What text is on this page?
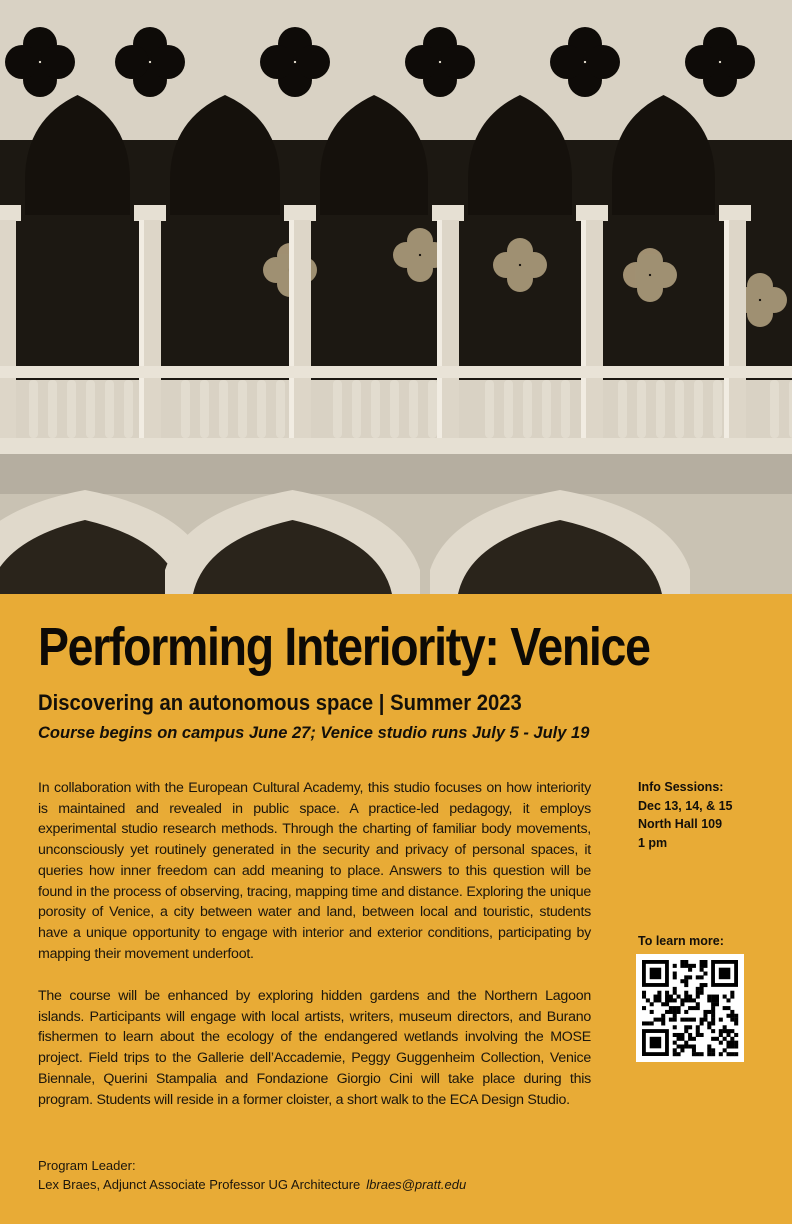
Performing Interiority: Venice
Discovering an autonomous space | Summer 2023
Course begins on campus June 27; Venice studio runs July 5 - July 19

In collaboration with the European Cultural Academy, this studio focuses on how interiority is maintained and revealed in public space. A practice-led pedagogy, it employs experimental studio research methods. Through the charting of familiar body movements, unconsciously yet routinely generated in the security and privacy of personal spaces, it queries how inner freedom can add meaning to place. Answers to this question will be found in the process of observing, tracing, mapping time and distance. Exploring the unique porosity of Venice, a city between water and land, between local and touristic, students have a unique opportunity to engage with interior and exterior conditions, participating by mapping their movement underfoot.

The course will be enhanced by exploring hidden gardens and the Northern Lagoon islands. Participants will engage with local artists, writers, museum directors, and Burano fishermen to learn about the ecology of the endangered wetlands involving the MOSE project. Field trips to the Gallerie dell’Accademie, Peggy Guggenheim Collection, Venice Biennale, Querini Stampalia and Fondazione Giorgio Cini will take place during this program. Students will reside in a former cloister, a short walk to the ECA Design Studio.

Program Leader:
Lex Braes, Adjunct Associate Professor UG Architecture lbraes@pratt.edu
Info Sessions:
Dec 13, 14, & 15
North Hall 109
1 pm
To learn more:
